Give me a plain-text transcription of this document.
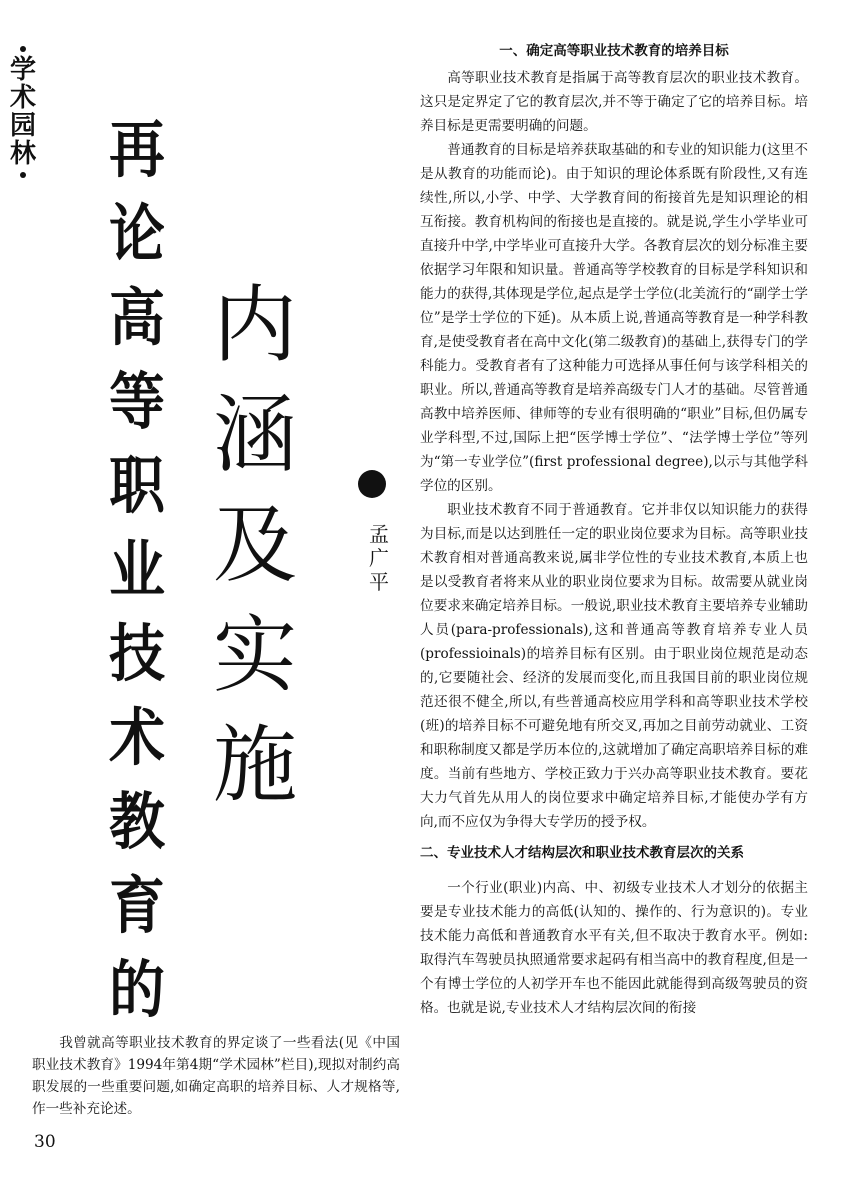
学
术
园
林 再
论
高
等
职
业
技
术
教
育
的
内
涵
及
实
施
孟
广
平

我曾就高等职业技术教育的界定谈了一些看法(见《中国职业技术教育》1994年第4期“学术园林”栏目),现拟对制约高职发展的一些重要问题,如确定高职的培养目标、人才规格等,作一些补充论述。

30
一、确定高等职业技术教育的培养目标

高等职业技术教育是指属于高等教育层次的职业技术教育。这只是定界定了它的教育层次,并不等于确定了它的培养目标。培养目标是更需要明确的问题。

普通教育的目标是培养获取基础的和专业的知识能力(这里不是从教育的功能而论)。由于知识的理论体系既有阶段性,又有连续性,所以,小学、中学、大学教育间的衔接首先是知识理论的相互衔接。教育机构间的衔接也是直接的。就是说,学生小学毕业可直接升中学,中学毕业可直接升大学。各教育层次的划分标准主要依据学习年限和知识量。普通高等学校教育的目标是学科知识和能力的获得,其体现是学位,起点是学士学位(北美流行的“副学士学位”是学士学位的下延)。从本质上说,普通高等教育是一种学科教育,是使受教育者在高中文化(第二级教育)的基础上,获得专门的学科能力。受教育者有了这种能力可选择从事任何与该学科相关的职业。所以,普通高等教育是培养高级专门人才的基础。尽管普通高教中培养医师、律师等的专业有很明确的“职业”目标,但仍属专业学科型,不过,国际上把“医学博士学位”、“法学博士学位”等列为“第一专业学位”(first professional degree),以示与其他学科学位的区别。

职业技术教育不同于普通教育。它并非仅以知识能力的获得为目标,而是以达到胜任一定的职业岗位要求为目标。高等职业技术教育相对普通高教来说,属非学位性的专业技术教育,本质上也是以受教育者将来从业的职业岗位要求为目标。故需要从就业岗位要求来确定培养目标。一般说,职业技术教育主要培养专业辅助人员(para-professionals),这和普通高等教育培养专业人员(professioinals)的培养目标有区别。由于职业岗位规范是动态的,它要随社会、经济的发展而变化,而且我国目前的职业岗位规范还很不健全,所以,有些普通高校应用学科和高等职业技术学校(班)的培养目标不可避免地有所交叉,再加之目前劳动就业、工资和职称制度又都是学历本位的,这就增加了确定高职培养目标的难度。当前有些地方、学校正致力于兴办高等职业技术教育。要花大力气首先从用人的岗位要求中确定培养目标,才能使办学有方向,而不应仅为争得大专学历的授予权。

二、专业技术人才结构层次和职业技术教育层次的关系

一个行业(职业)内高、中、初级专业技术人才划分的依据主要是专业技术能力的高低(认知的、操作的、行为意识的)。专业技术能力高低和普通教育水平有关,但不取决于教育水平。例如:取得汽车驾驶员执照通常要求起码有相当高中的教育程度,但是一个有博士学位的人初学开车也不能因此就能得到高级驾驶员的资格。也就是说,专业技术人才结构层次间的衔接
